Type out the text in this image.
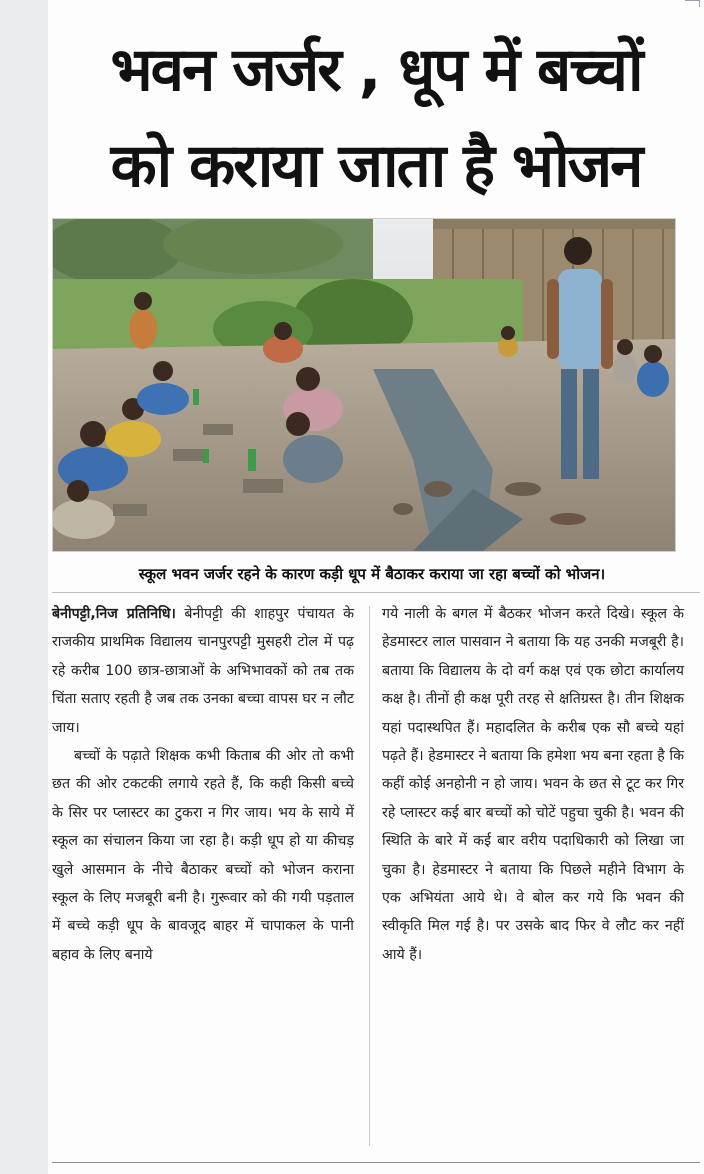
भवन जर्जर , धूप में बच्चों
को कराया जाता है भोजन
स्कूल भवन जर्जर रहने के कारण कड़ी धूप में बैठाकर कराया जा रहा बच्चों को भोजन।

बेनीपट्टी,निज प्रतिनिधि। बेनीपट्टी की शाहपुर पंचायत के राजकीय प्राथमिक विद्यालय चानपुरपट्टी मुसहरी टोल में पढ़ रहे करीब 100 छात्र-छात्राओं के अभिभावकों को तब तक चिंता सताए रहती है जब तक उनका बच्चा वापस घर न लौट जाय।

बच्चों के पढ़ाते शिक्षक कभी किताब की ओर तो कभी छत की ओर टकटकी लगाये रहते हैं, कि कही किसी बच्चे के सिर पर प्लास्टर का टुकरा न गिर जाय। भय के साये में स्कूल का संचालन किया जा रहा है। कड़ी धूप हो या कीचड़ खुले आसमान के नीचे बैठाकर बच्चों को भोजन कराना स्कूल के लिए मजबूरी बनी है। गुरूवार को की गयी पड़ताल में बच्चे कड़ी धूप के बावजूद बाहर में चापाकल के पानी बहाव के लिए बनाये

गये नाली के बगल में बैठकर भोजन करते दिखे। स्कूल के हेडमास्टर लाल पासवान ने बताया कि यह उनकी मजबूरी है। बताया कि विद्यालय के दो वर्ग कक्ष एवं एक छोटा कार्यालय कक्ष है। तीनों ही कक्ष पूरी तरह से क्षतिग्रस्त है। तीन शिक्षक यहां पदास्थपित हैं। महादलित के करीब एक सौ बच्चे यहां पढ़ते हैं। हेडमास्टर ने बताया कि हमेशा भय बना रहता है कि कहीं कोई अनहोनी न हो जाय। भवन के छत से टूट कर गिर रहे प्लास्टर कई बार बच्चों को चोटें पहुचा चुकी है। भवन की स्थिति के बारे में कई बार वरीय पदाधिकारी को लिखा जा चुका है। हेडमास्टर ने बताया कि पिछले महीने विभाग के एक अभियंता आये थे। वे बोल कर गये कि भवन की स्वीकृति मिल गई है। पर उसके बाद फिर वे लौट कर नहीं आये हैं।
